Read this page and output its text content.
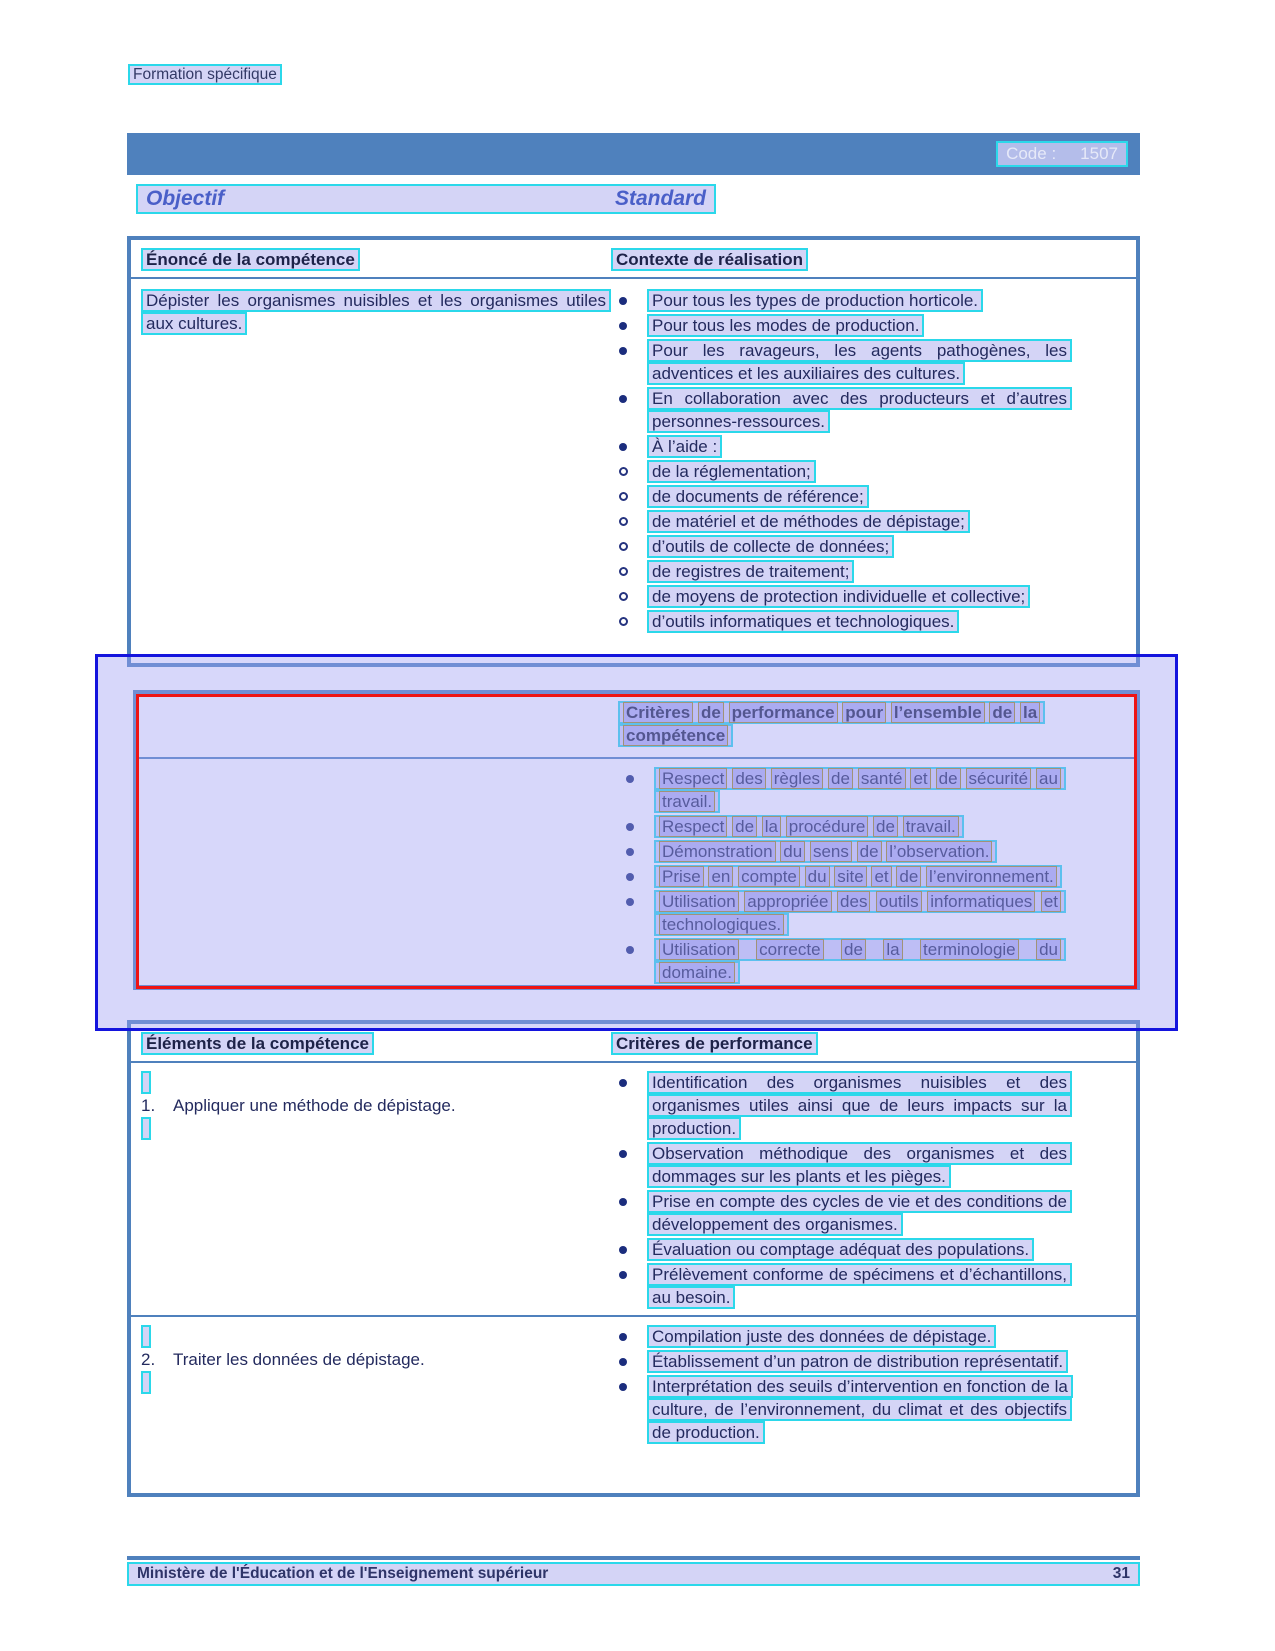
Formation spécifique
Code : 1507
Objectif	Standard
Énoncé de la compétence	Contexte de réalisation
Dépister les organismes nuisibles et les organismes utiles aux cultures.
Pour tous les types de production horticole.
Pour tous les modes de production.
Pour les ravageurs, les agents pathogènes, les adventices et les auxiliaires des cultures.
En collaboration avec des producteurs et d’autres personnes-ressources.
À l’aide :
de la réglementation;
de documents de référence;
de matériel et de méthodes de dépistage;
d’outils de collecte de données;
de registres de traitement;
de moyens de protection individuelle et collective;
d’outils informatiques et technologiques.
Critères de performance pour l’ensemble de la compétence
Respect des règles de santé et de sécurité au travail.
Respect de la procédure de travail.
Démonstration du sens de l’observation.
Prise en compte du site et de l’environnement.
Utilisation appropriée des outils informatiques et technologiques.
Utilisation correcte de la terminologie du domaine.
Éléments de la compétence	Critères de performance
1.	Appliquer une méthode de dépistage.
Identification des organismes nuisibles et des organismes utiles ainsi que de leurs impacts sur la production.
Observation méthodique des organismes et des dommages sur les plants et les pièges.
Prise en compte des cycles de vie et des conditions de développement des organismes.
Évaluation ou comptage adéquat des populations.
Prélèvement conforme de spécimens et d’échantillons, au besoin.
2.	Traiter les données de dépistage.
Compilation juste des données de dépistage.
Établissement d’un patron de distribution représentatif.
Interprétation des seuils d’intervention en fonction de la culture, de l’environnement, du climat et des objectifs de production.
Ministère de l'Éducation et de l'Enseignement supérieur	31
